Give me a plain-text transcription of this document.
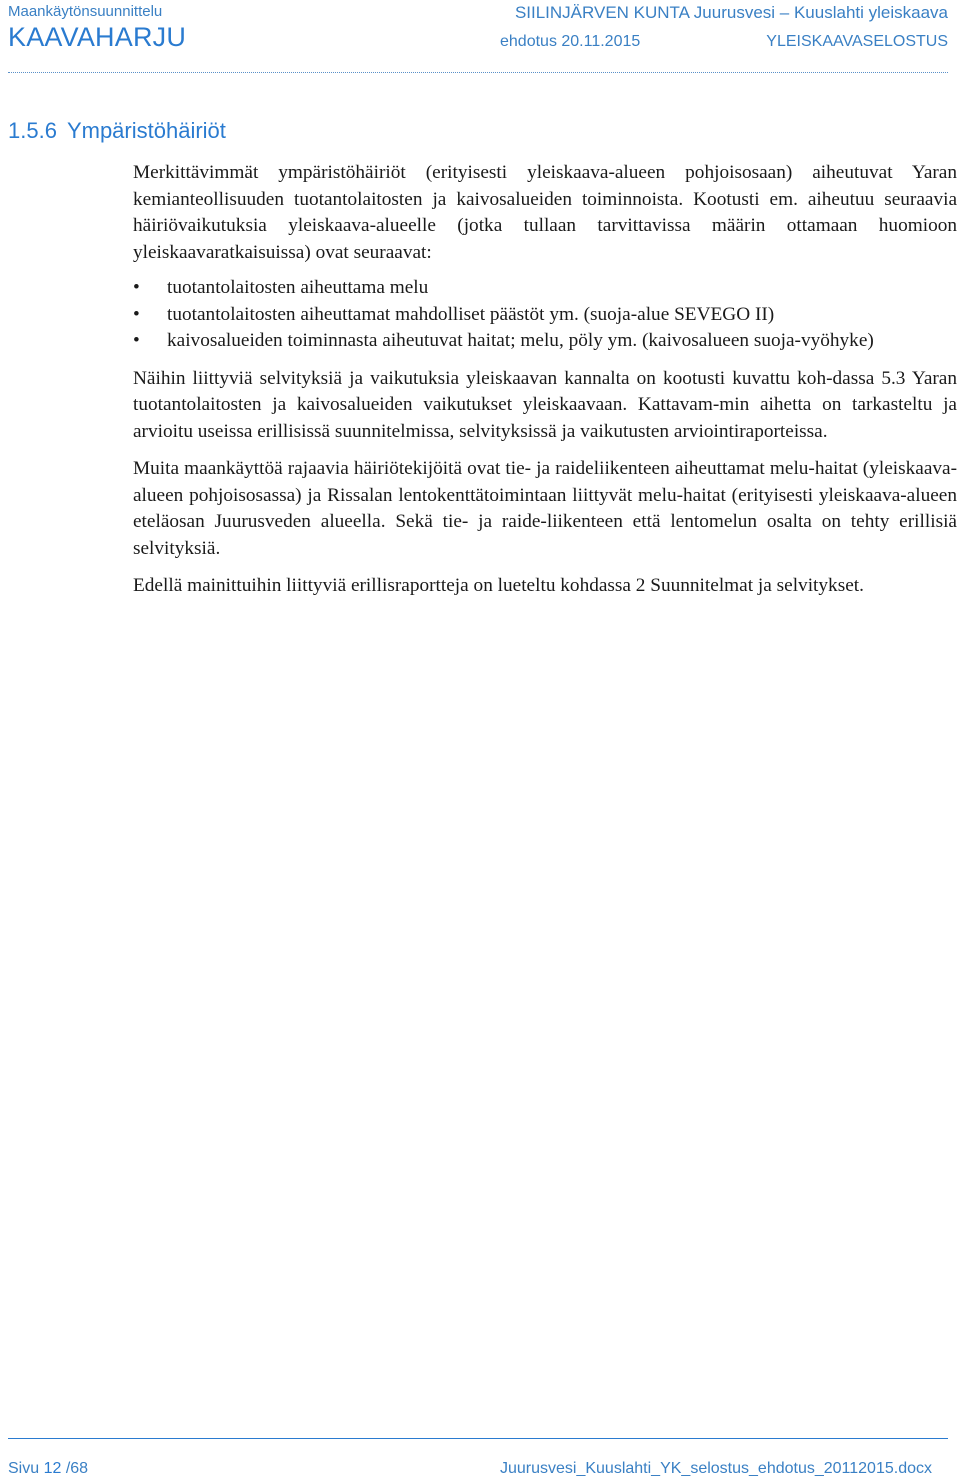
Maankäytönsuunnittelu
KAAVAHARJU
SIILINJÄRVEN KUNTA Juurusvesi – Kuuslahti yleiskaava
ehdotus 20.11.2015	YLEISKAAVASELOSTUS
1.5.6 Ympäristöhäiriöt

Merkittävimmät ympäristöhäiriöt (erityisesti yleiskaava-alueen pohjoisosaan) aiheutuvat Yaran kemianteollisuuden tuotantolaitosten ja kaivosalueiden toiminnoista. Kootusti em. aiheutuu seuraavia häiriövaikutuksia yleiskaava-alueelle (jotka tullaan tarvittavissa määrin ottamaan huomioon yleiskaavaratkaisuissa) ovat seuraavat:

• tuotantolaitosten aiheuttama melu
• tuotantolaitosten aiheuttamat mahdolliset päästöt ym. (suoja-alue SEVEGO II)
• kaivosalueiden toiminnasta aiheutuvat haitat; melu, pöly ym. (kaivosalueen suoja-vyöhyke)

Näihin liittyviä selvityksiä ja vaikutuksia yleiskaavan kannalta on kootusti kuvattu koh-dassa 5.3 Yaran tuotantolaitosten ja kaivosalueiden vaikutukset yleiskaavaan. Kattavam-min aihetta on tarkasteltu ja arvioitu useissa erillisissä suunnitelmissa, selvityksissä ja vaikutusten arviointiraporteissa.

Muita maankäyttöä rajaavia häiriötekijöitä ovat tie- ja raideliikenteen aiheuttamat melu-haitat (yleiskaava-alueen pohjoisosassa) ja Rissalan lentokenttätoimintaan liittyvät melu-haitat (erityisesti yleiskaava-alueen eteläosan Juurusveden alueella. Sekä tie- ja raide-liikenteen että lentomelun osalta on tehty erillisiä selvityksiä.

Edellä mainittuihin liittyviä erillisraportteja on lueteltu kohdassa 2 Suunnitelmat ja selvitykset.

Sivu 12 /68	Juurusvesi_Kuuslahti_YK_selostus_ehdotus_20112015.docx
